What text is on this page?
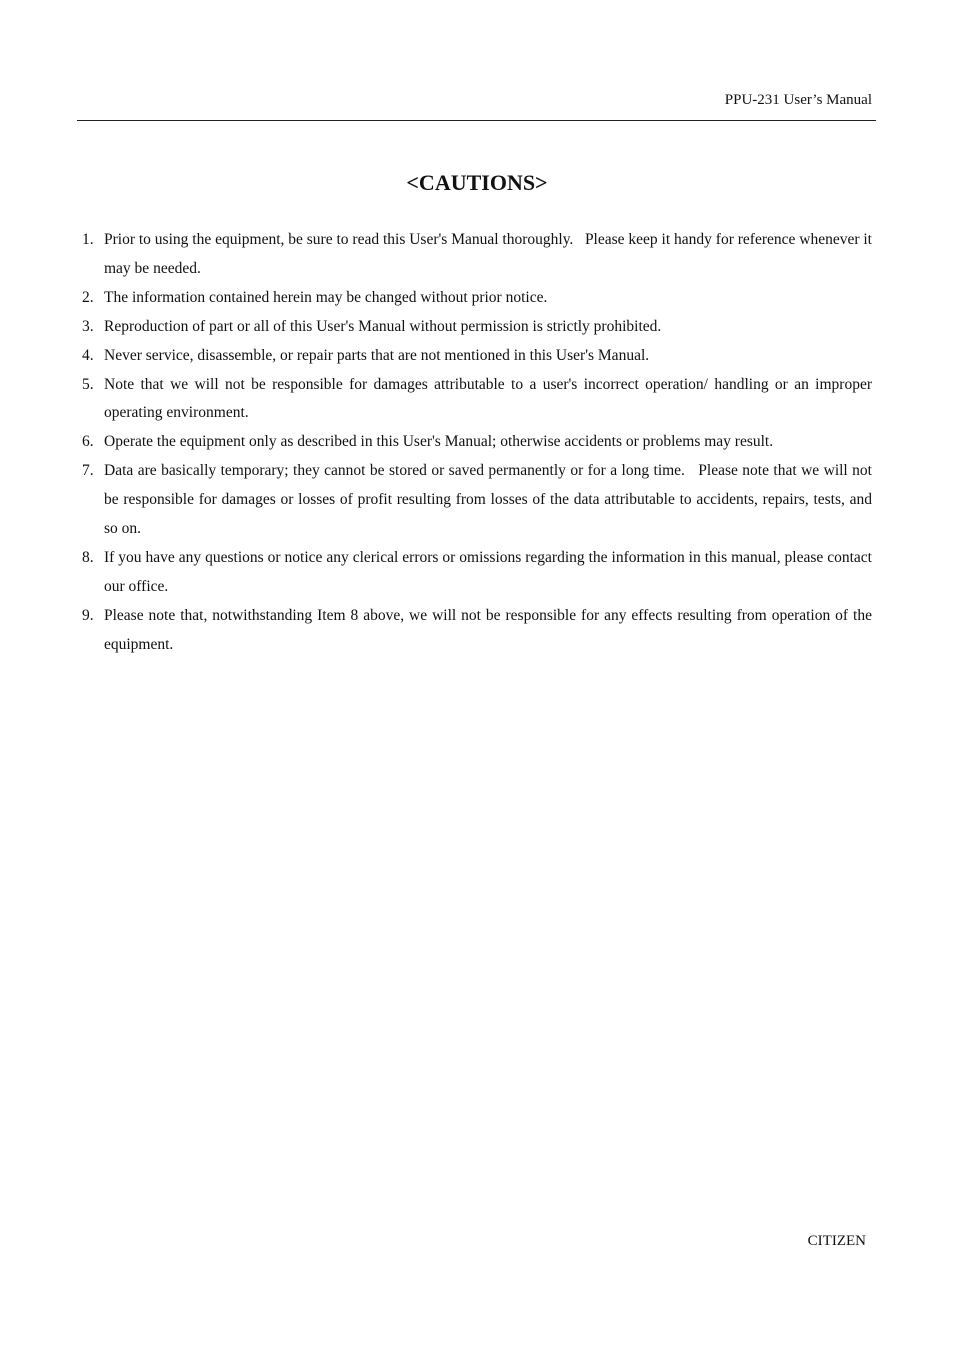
PPU-231 User’s Manual
<CAUTIONS>
1. Prior to using the equipment, be sure to read this User's Manual thoroughly.   Please keep it handy for reference whenever it may be needed.
2. The information contained herein may be changed without prior notice.
3. Reproduction of part or all of this User's Manual without permission is strictly prohibited.
4. Never service, disassemble, or repair parts that are not mentioned in this User's Manual.
5. Note that we will not be responsible for damages attributable to a user's incorrect operation/ handling or an improper operating environment.
6. Operate the equipment only as described in this User's Manual; otherwise accidents or problems may result.
7. Data are basically temporary; they cannot be stored or saved permanently or for a long time.   Please note that we will not be responsible for damages or losses of profit resulting from losses of the data attributable to accidents, repairs, tests, and so on.
8. If you have any questions or notice any clerical errors or omissions regarding the information in this manual, please contact our office.
9. Please note that, notwithstanding Item 8 above, we will not be responsible for any effects resulting from operation of the equipment.
CITIZEN
